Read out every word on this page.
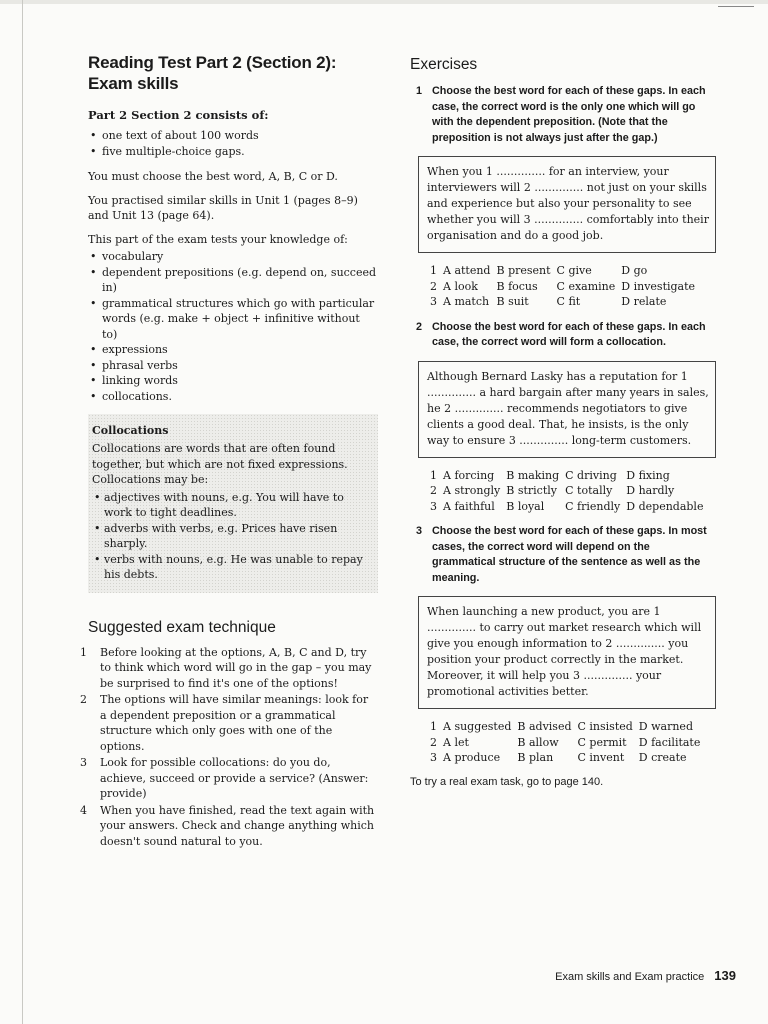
Reading Test Part 2 (Section 2):
Exam skills
Part 2 Section 2 consists of:
• one text of about 100 words
• five multiple-choice gaps.

You must choose the best word, A, B, C or D.

You practised similar skills in Unit 1 (pages 8–9) and Unit 13 (page 64).

This part of the exam tests your knowledge of:

• vocabulary
• dependent prepositions (e.g. depend on, succeed in)
• grammatical structures which go with particular words (e.g. make + object + infinitive without to)
• expressions
• phrasal verbs
• linking words
• collocations.
Collocations

Collocations are words that are often found together, but which are not fixed expressions. Collocations may be:

• adjectives with nouns, e.g. You will have to work to tight deadlines.
• adverbs with verbs, e.g. Prices have risen sharply.
• verbs with nouns, e.g. He was unable to repay his debts.
Suggested exam technique
1 Before looking at the options, A, B, C and D, try to think which word will go in the gap – you may be surprised to find it's one of the options!
2 The options will have similar meanings: look for a dependent preposition or a grammatical structure which only goes with one of the options.
3 Look for possible collocations: do you do, achieve, succeed or provide a service? (Answer: provide)
4 When you have finished, read the text again with your answers. Check and change anything which doesn't sound natural to you.
Exercises

1 Choose the best word for each of these gaps. In each case, the correct word is the only one which will go with the dependent preposition. (Note that the preposition is not always just after the gap.)

When you 1 .............. for an interview, your interviewers will 2 .............. not just on your skills and experience but also your personality to see whether you will 3 .............. comfortably into their organisation and do a good job.
1	A attend	B present	C give	D go
2	A look	B focus	C examine	D investigate
3	A match	B suit	C fit	D relate

2 Choose the best word for each of these gaps. In each case, the correct word will form a collocation.

Although Bernard Lasky has a reputation for 1 .............. a hard bargain after many years in sales, he 2 .............. recommends negotiators to give clients a good deal. That, he insists, is the only way to ensure 3 .............. long-term customers.
1	A forcing	B making	C driving	D fixing
2	A strongly	B strictly	C totally	D hardly
3	A faithful	B loyal	C friendly	D dependable

3 Choose the best word for each of these gaps. In most cases, the correct word will depend on the grammatical structure of the sentence as well as the meaning.

When launching a new product, you are 1 .............. to carry out market research which will give you enough information to 2 .............. you position your product correctly in the market. Moreover, it will help you 3 .............. your promotional activities better.
1	A suggested	B advised	C insisted	D warned
2	A let	B allow	C permit	D facilitate
3	A produce	B plan	C invent	D create

To try a real exam task, go to page 140.

Exam skills and Exam practice 139
